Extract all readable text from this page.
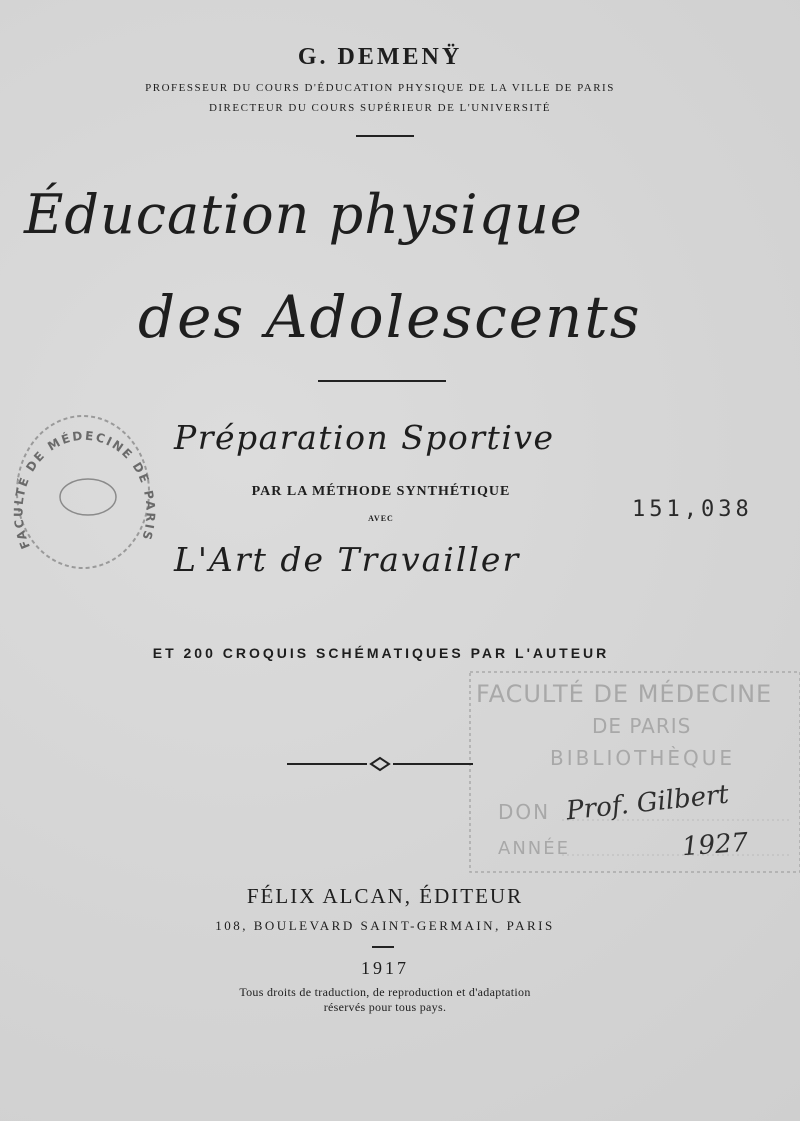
G. DEMENŸ
PROFESSEUR DU COURS D'ÉDUCATION PHYSIQUE DE LA VILLE DE PARIS
DIRECTEUR DU COURS SUPÉRIEUR DE L'UNIVERSITÉ
Éducation physique
des Adolescents
Préparation Sportive
PAR LA MÉTHODE SYNTHÉTIQUE
AVEC
L'Art de Travailler
151,038
ET 200 CROQUIS SCHÉMATIQUES PAR L'AUTEUR
FACULTÉ DE MÉDECINE DE PARIS
FACULTÉ DE MÉDECINE
DE PARIS
BIBLIOTHÈQUE
DON
ANNÉE
Prof. Gilbert
1927
FÉLIX ALCAN, ÉDITEUR
108, BOULEVARD SAINT-GERMAIN, PARIS
1917
Tous droits de traduction, de reproduction et d'adaptation
réservés pour tous pays.
